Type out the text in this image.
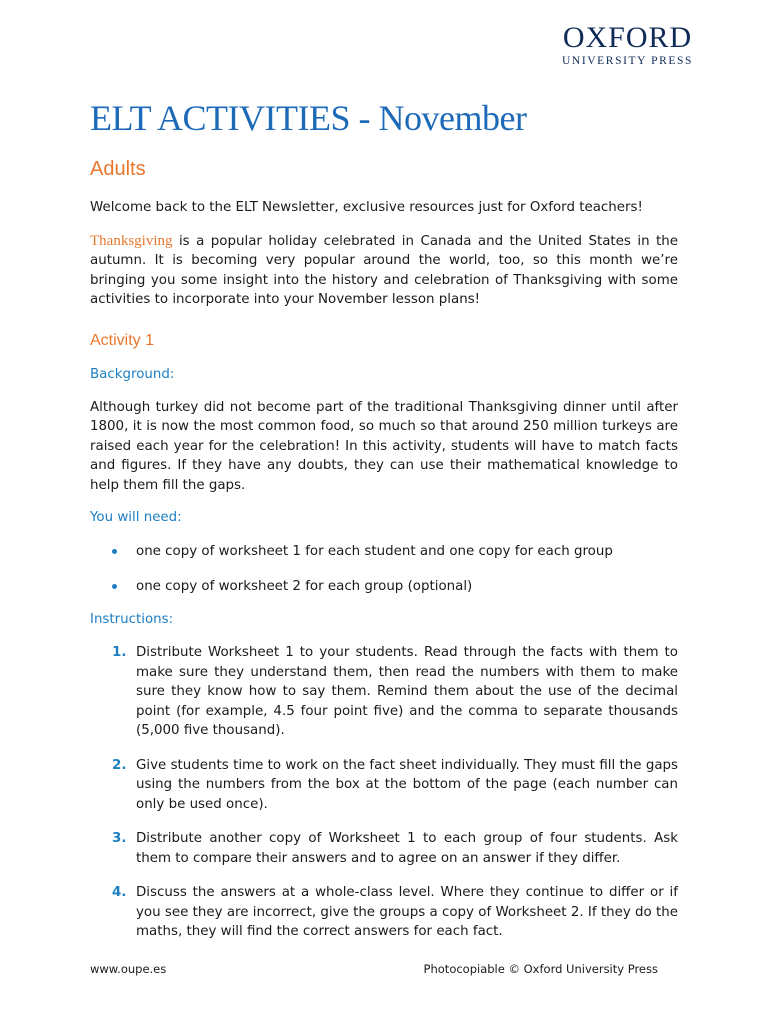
OXFORD
UNIVERSITY PRESS
ELT ACTIVITIES - November
Adults

Welcome back to the ELT Newsletter, exclusive resources just for Oxford teachers!

Thanksgiving is a popular holiday celebrated in Canada and the United States in the autumn. It is becoming very popular around the world, too, so this month we’re bringing you some insight into the history and celebration of Thanksgiving with some activities to incorporate into your November lesson plans!

Activity 1
Background:

Although turkey did not become part of the traditional Thanksgiving dinner until after 1800, it is now the most common food, so much so that around 250 million turkeys are raised each year for the celebration! In this activity, students will have to match facts and figures. If they have any doubts, they can use their mathematical knowledge to help them fill the gaps.

You will need:
one copy of worksheet 1 for each student and one copy for each group
one copy of worksheet 2 for each group (optional)
Instructions:
1. Distribute Worksheet 1 to your students. Read through the facts with them to make sure they understand them, then read the numbers with them to make sure they know how to say them. Remind them about the use of the decimal point (for example, 4.5 four point five) and the comma to separate thousands (5,000 five thousand).
2. Give students time to work on the fact sheet individually. They must fill the gaps using the numbers from the box at the bottom of the page (each number can only be used once).
3. Distribute another copy of Worksheet 1 to each group of four students. Ask them to compare their answers and to agree on an answer if they differ.
4. Discuss the answers at a whole-class level. Where they continue to differ or if you see they are incorrect, give the groups a copy of Worksheet 2. If they do the maths, they will find the correct answers for each fact.
www.oupe.es	Photocopiable © Oxford University Press
